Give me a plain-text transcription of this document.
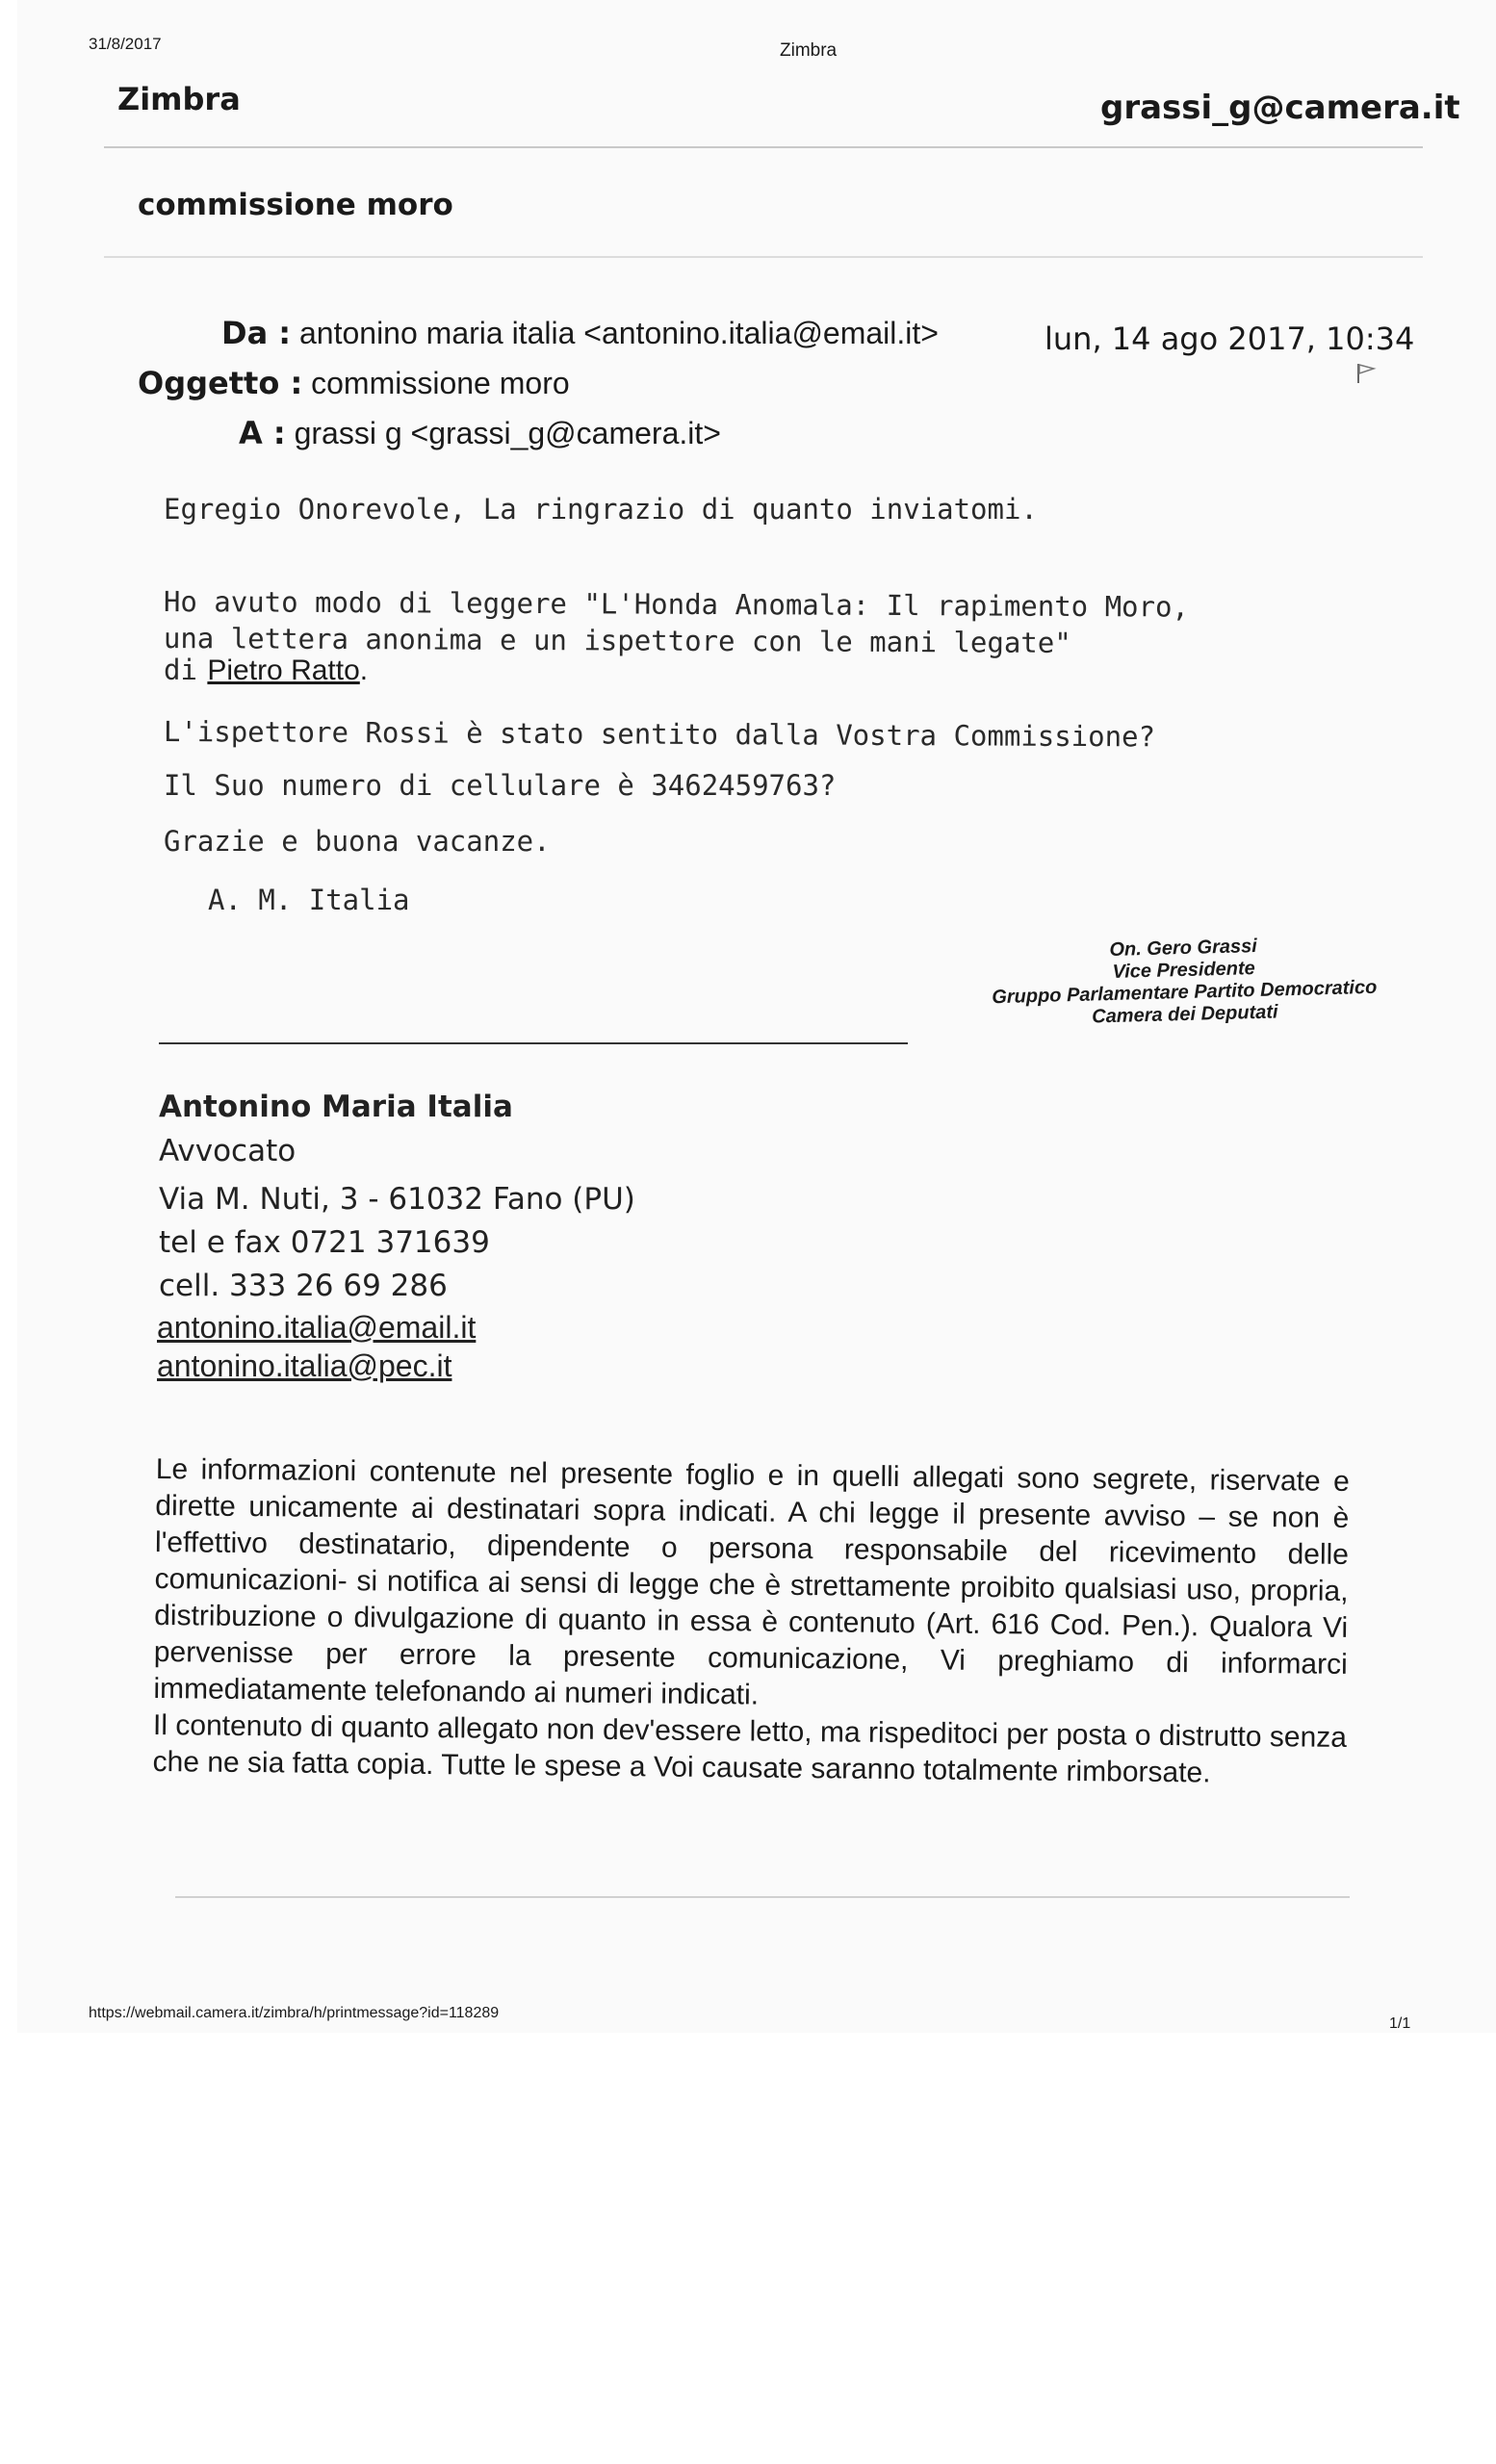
31/8/2017	Zimbra
Zimbra	grassi_g@camera.it
commissione moro
Da : antonino maria italia <antonino.italia@email.it>	lun, 14 ago 2017, 10:34
Oggetto : commissione moro
A : grassi g <grassi_g@camera.it>
Egregio Onorevole, La ringrazio di quanto inviatomi.
Ho avuto modo di leggere "L'Honda Anomala: Il rapimento Moro,
una lettera anonima e un ispettore con le mani legate"
di Pietro Ratto.
L'ispettore Rossi è stato sentito dalla Vostra Commissione?
Il Suo numero di cellulare è 3462459763?
Grazie e buona vacanze.
A. M. Italia
On. Gero Grassi
Vice Presidente
Gruppo Parlamentare Partito Democratico
Camera dei Deputati
Antonino Maria Italia
Avvocato
Via M. Nuti, 3 - 61032 Fano (PU)
tel e fax 0721 371639
cell. 333 26 69 286
antonino.italia@email.it
antonino.italia@pec.it

Le informazioni contenute nel presente foglio e in quelli allegati sono segrete, riservate e dirette unicamente ai destinatari sopra indicati. A chi legge il presente avviso – se non è l'effettivo destinatario, dipendente o persona responsabile del ricevimento delle comunicazioni- si notifica ai sensi di legge che è strettamente proibito qualsiasi uso, propria, distribuzione o divulgazione di quanto in essa è contenuto (Art. 616 Cod. Pen.). Qualora Vi pervenisse per errore la presente comunicazione, Vi preghiamo di informarci immediatamente telefonando ai numeri indicati.

Il contenuto di quanto allegato non dev'essere letto, ma rispeditoci per posta o distrutto senza che ne sia fatta copia. Tutte le spese a Voi causate saranno totalmente rimborsate.

https://webmail.camera.it/zimbra/h/printmessage?id=118289
1/1
